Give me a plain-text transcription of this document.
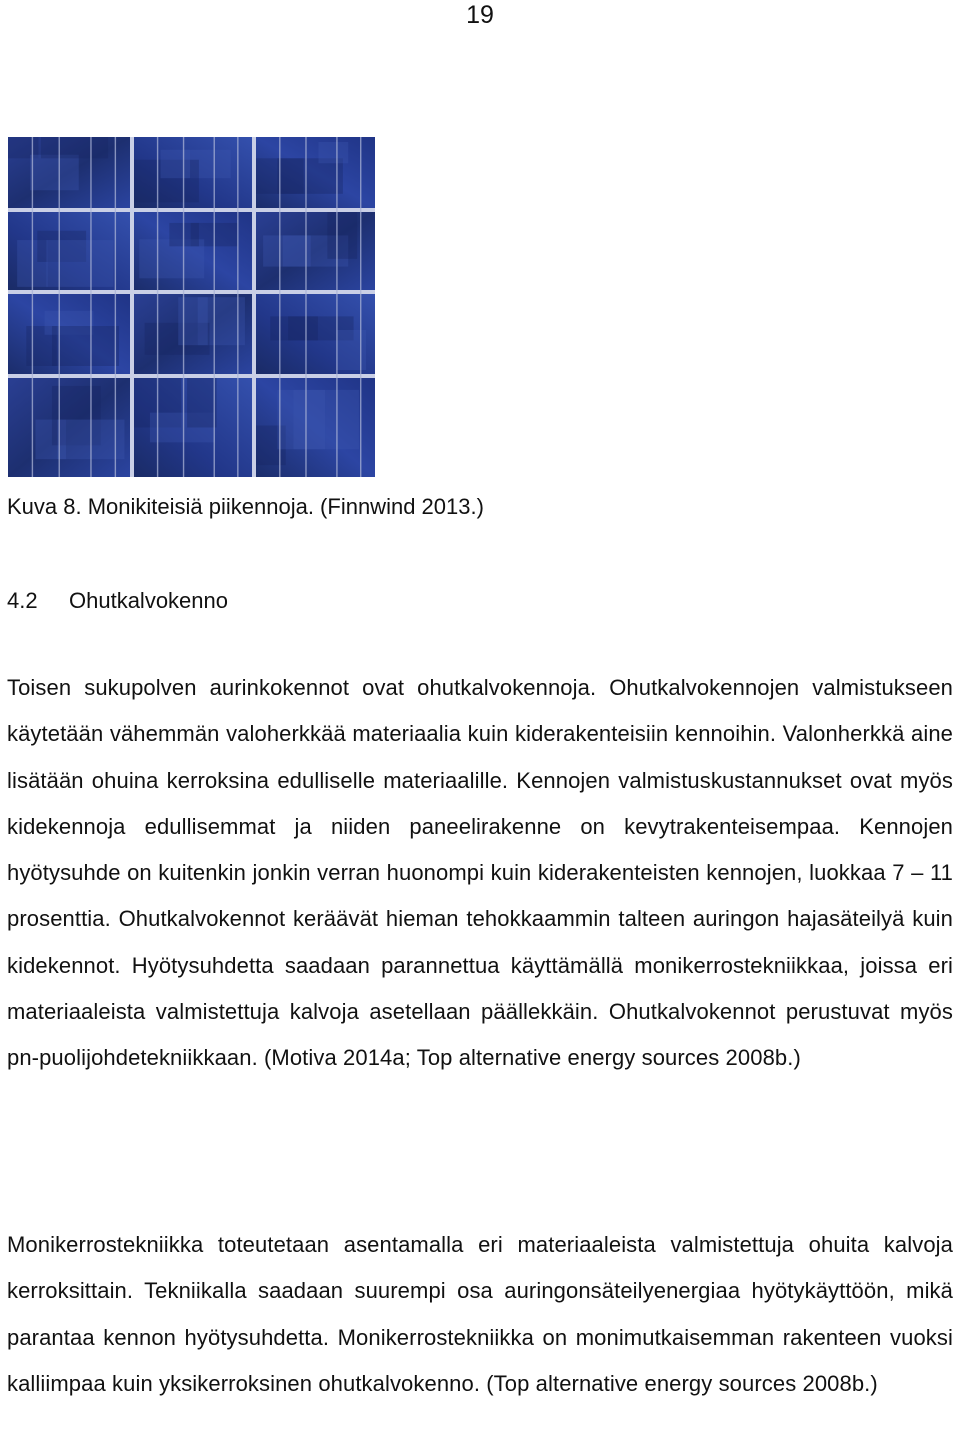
19
Kuva 8. Monikiteisiä piikennoja. (Finnwind 2013.)
4.2 Ohutkalvokenno

Toisen sukupolven aurinkokennot ovat ohutkalvokennoja. Ohutkalvokennojen valmistukseen käytetään vähemmän valoherkkää materiaalia kuin kiderakenteisiin kennoihin. Valonherkkä aine lisätään ohuina kerroksina edulliselle materiaalille. Kennojen valmistuskustannukset ovat myös kidekennoja edullisemmat ja niiden paneelirakenne on kevytrakenteisempaa. Kennojen hyötysuhde on kuitenkin jonkin verran huonompi kuin kiderakenteisten kennojen, luokkaa 7 – 11 prosenttia. Ohutkalvokennot keräävät hieman tehokkaammin talteen auringon hajasäteilyä kuin kidekennot. Hyötysuhdetta saadaan parannettua käyttämällä monikerrostekniikkaa, joissa eri materiaaleista valmistettuja kalvoja asetellaan päällekkäin. Ohutkalvokennot perustuvat myös pn-puolijohdetekniikkaan. (Motiva 2014a; Top alternative energy sources 2008b.)

Monikerrostekniikka toteutetaan asentamalla eri materiaaleista valmistettuja ohuita kalvoja kerroksittain. Tekniikalla saadaan suurempi osa auringonsäteilyenergiaa hyötykäyttöön, mikä parantaa kennon hyötysuhdetta. Monikerrostekniikka on monimutkaisemman rakenteen vuoksi kalliimpaa kuin yksikerroksinen ohutkalvokenno. (Top alternative energy sources 2008b.)
